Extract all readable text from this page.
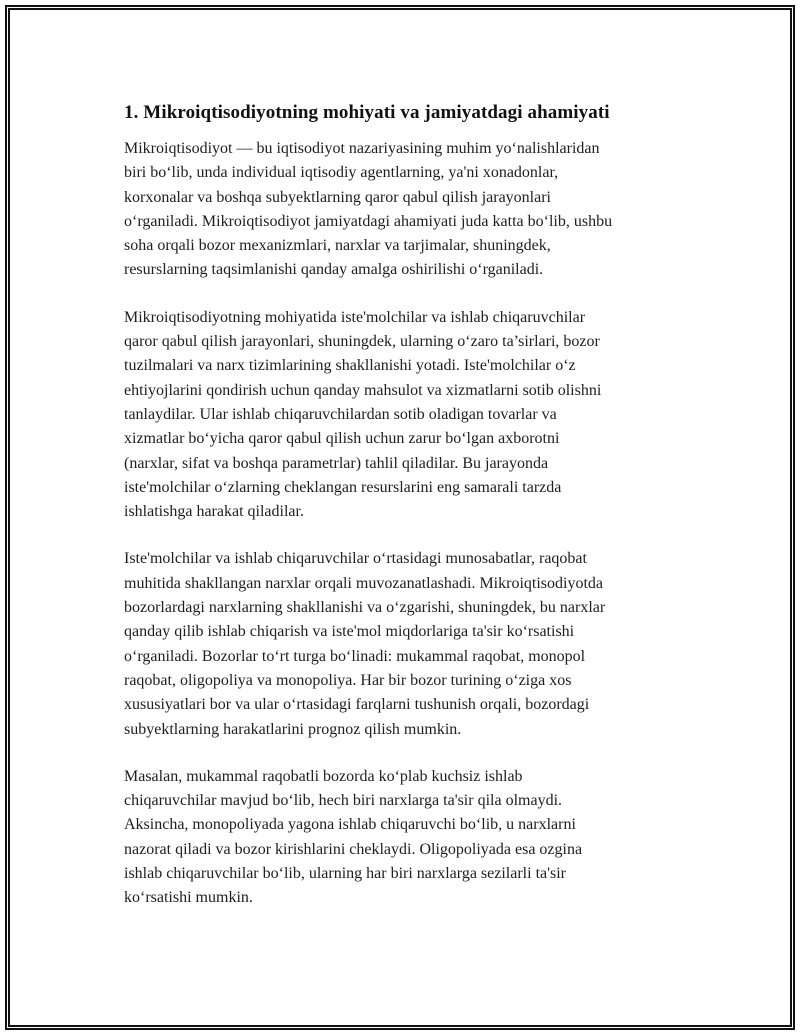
1. Mikroiqtisodiyotning mohiyati va jamiyatdagi ahamiyati

Mikroiqtisodiyot — bu iqtisodiyot nazariyasining muhim yo‘nalishlaridan
biri bo‘lib, unda individual iqtisodiy agentlarning, ya'ni xonadonlar,
korxonalar va boshqa subyektlarning qaror qabul qilish jarayonlari
o‘rganiladi. Mikroiqtisodiyot jamiyatdagi ahamiyati juda katta bo‘lib, ushbu
soha orqali bozor mexanizmlari, narxlar va tarjimalar, shuningdek,
resurslarning taqsimlanishi qanday amalga oshirilishi o‘rganiladi.

Mikroiqtisodiyotning mohiyatida iste'molchilar va ishlab chiqaruvchilar
qaror qabul qilish jarayonlari, shuningdek, ularning o‘zaro ta’sirlari, bozor
tuzilmalari va narx tizimlarining shakllanishi yotadi. Iste'molchilar o‘z
ehtiyojlarini qondirish uchun qanday mahsulot va xizmatlarni sotib olishni
tanlaydilar. Ular ishlab chiqaruvchilardan sotib oladigan tovarlar va
xizmatlar bo‘yicha qaror qabul qilish uchun zarur bo‘lgan axborotni
(narxlar, sifat va boshqa parametrlar) tahlil qiladilar. Bu jarayonda
iste'molchilar o‘zlarning cheklangan resurslarini eng samarali tarzda
ishlatishga harakat qiladilar.

Iste'molchilar va ishlab chiqaruvchilar o‘rtasidagi munosabatlar, raqobat
muhitida shakllangan narxlar orqali muvozanatlashadi. Mikroiqtisodiyotda
bozorlardagi narxlarning shakllanishi va o‘zgarishi, shuningdek, bu narxlar
qanday qilib ishlab chiqarish va iste'mol miqdorlariga ta'sir ko‘rsatishi
o‘rganiladi. Bozorlar to‘rt turga bo‘linadi: mukammal raqobat, monopol
raqobat, oligopoliya va monopoliya. Har bir bozor turining o‘ziga xos
xususiyatlari bor va ular o‘rtasidagi farqlarni tushunish orqali, bozordagi
subyektlarning harakatlarini prognoz qilish mumkin.

Masalan, mukammal raqobatli bozorda ko‘plab kuchsiz ishlab
chiqaruvchilar mavjud bo‘lib, hech biri narxlarga ta'sir qila olmaydi.
Aksincha, monopoliyada yagona ishlab chiqaruvchi bo‘lib, u narxlarni
nazorat qiladi va bozor kirishlarini cheklaydi. Oligopoliyada esa ozgina
ishlab chiqaruvchilar bo‘lib, ularning har biri narxlarga sezilarli ta'sir
ko‘rsatishi mumkin.
